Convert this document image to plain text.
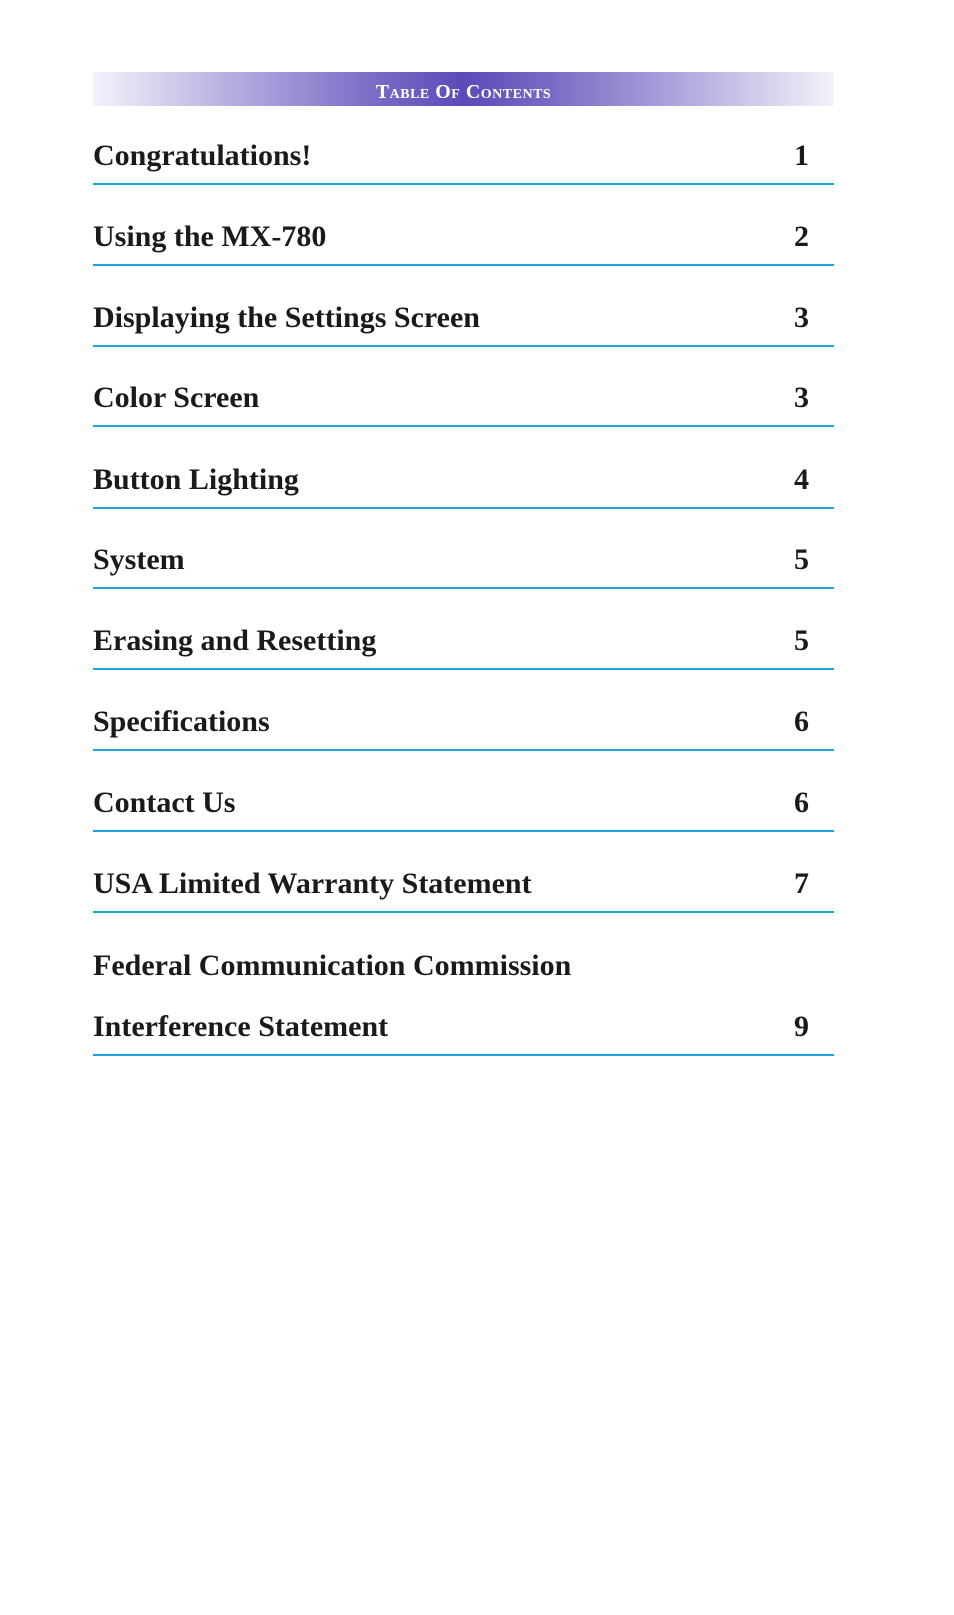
Table Of Contents
Congratulations!	1
Using the MX-780	2
Displaying the Settings Screen	3
Color Screen	3
Button Lighting	4
System	5
Erasing and Resetting	5
Specifications	6
Contact Us	6
USA Limited Warranty Statement	7
Federal Communication Commission
Interference Statement	9
